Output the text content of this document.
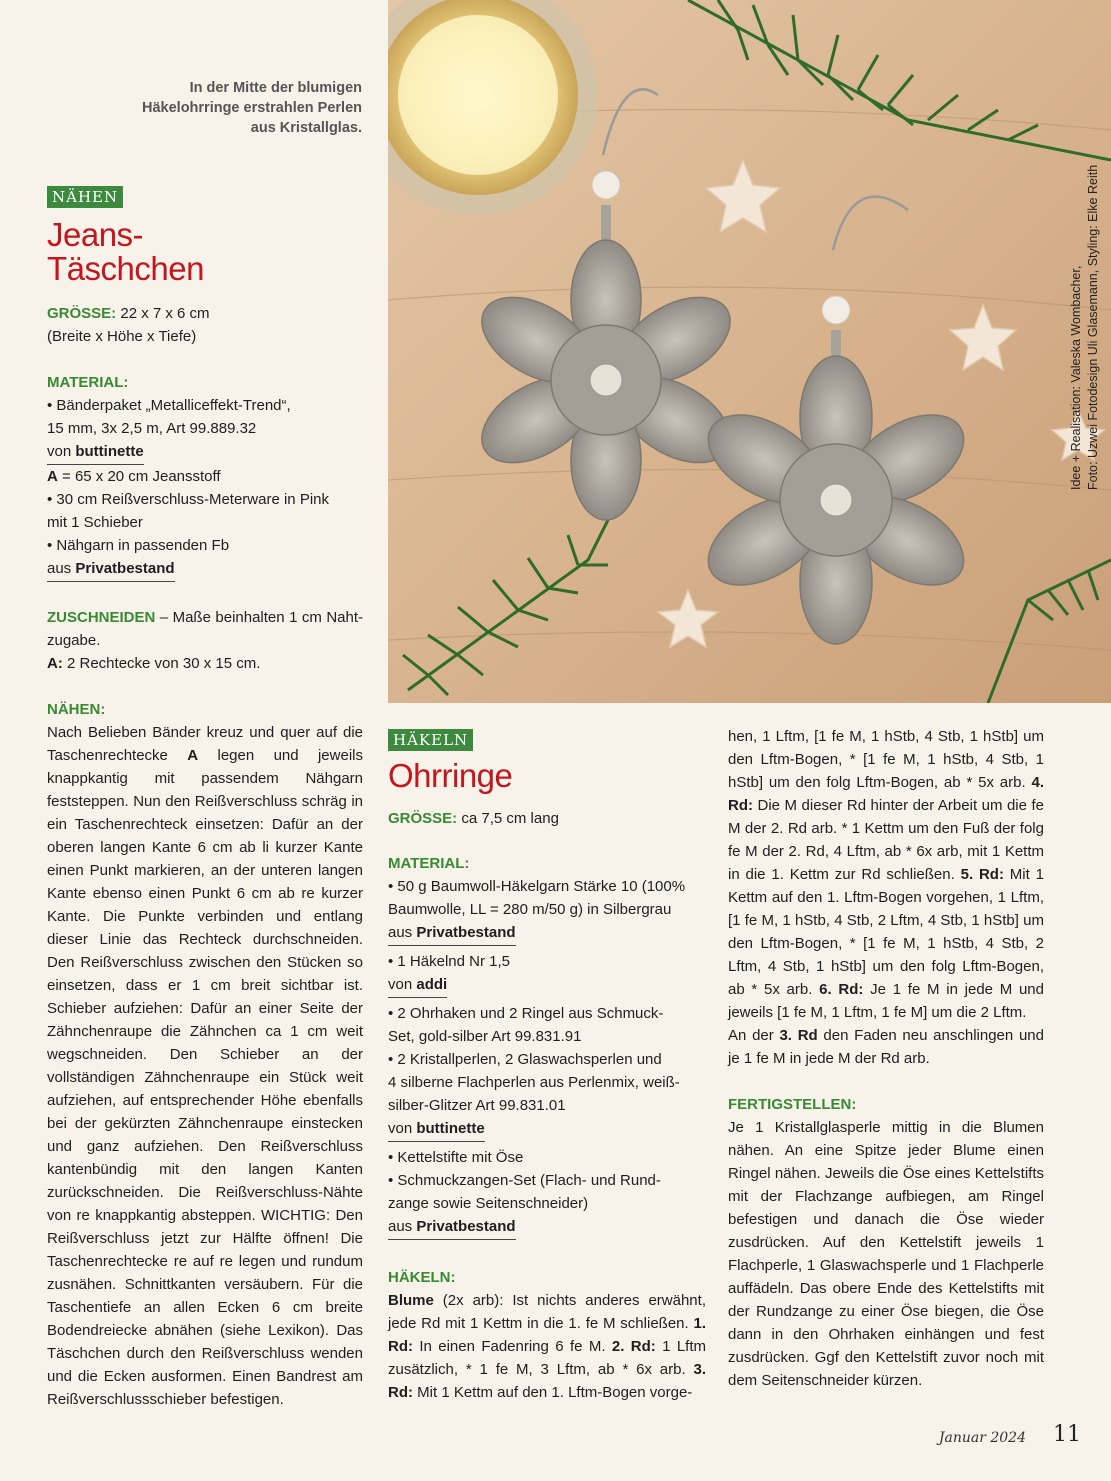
In der Mitte der blumigen
Häkelohrringe erstrahlen Perlen
aus Kristallglas.
NÄHEN
Jeans-
Täschchen
GRÖSSE: 22 x 7 x 6 cm
(Breite x Höhe x Tiefe)
MATERIAL:
• Bänderpaket „Metalliceffekt-Trend“,
15 mm, 3x 2,5 m, Art 99.889.32
von buttinette
A = 65 x 20 cm Jeansstoff
• 30 cm Reißverschluss-Meterware in Pink
mit 1 Schieber
• Nähgarn in passenden Fb
aus Privatbestand
ZUSCHNEIDEN – Maße beinhalten 1 cm Naht-zugabe.
A: 2 Rechtecke von 30 x 15 cm.
NÄHEN:
Nach Belieben Bänder kreuz und quer auf die Taschenrechtecke A legen und jeweils knappkantig mit passendem Nähgarn feststeppen. Nun den Reißverschluss schräg in ein Taschenrechteck einsetzen: Dafür an der oberen langen Kante 6 cm ab li kurzer Kante einen Punkt markieren, an der unteren langen Kante ebenso einen Punkt 6 cm ab re kurzer Kante. Die Punkte verbinden und entlang dieser Linie das Rechteck durchschneiden. Den Reißverschluss zwischen den Stücken so einsetzen, dass er 1 cm breit sichtbar ist. Schieber aufziehen: Dafür an einer Seite der Zähnchenraupe die Zähnchen ca 1 cm weit wegschneiden. Den Schieber an der vollständigen Zähnchenraupe ein Stück weit aufziehen, auf entsprechender Höhe ebenfalls bei der gekürzten Zähnchenraupe einstecken und ganz aufziehen. Den Reißverschluss kantenbündig mit den langen Kanten zurückschneiden. Die Reißverschluss-Nähte von re knappkantig absteppen. WICHTIG: Den Reißverschluss jetzt zur Hälfte öffnen! Die Taschenrechtecke re auf re legen und rundum zusnähen. Schnittkanten versäubern. Für die Taschentiefe an allen Ecken 6 cm breite Bodendreiecke abnähen (siehe Lexikon). Das Täschchen durch den Reißverschluss wenden und die Ecken ausformen. Einen Bandrest am Reißverschlussschieber befestigen.
Idee + Realisation: Valeska Wombacher, Foto: Uzwei Fotodesign Uli Glasemann, Styling: Elke Reith
HÄKELN
Ohrringe
GRÖSSE: ca 7,5 cm lang
MATERIAL:
• 50 g Baumwoll-Häkelgarn Stärke 10 (100%
Baumwolle, LL = 280 m/50 g) in Silbergrau
aus Privatbestand
• 1 Häkelnd Nr 1,5
von addi
• 2 Ohrhaken und 2 Ringel aus Schmuck-
Set, gold-silber Art 99.831.91
• 2 Kristallperlen, 2 Glaswachsperlen und
4 silberne Flachperlen aus Perlenmix, weiß-
silber-Glitzer Art 99.831.01
von buttinette
• Kettelstifte mit Öse
• Schmuckzangen-Set (Flach- und Rund-
zange sowie Seitenschneider)
aus Privatbestand
HÄKELN:
Blume (2x arb): Ist nichts anderes erwähnt, jede Rd mit 1 Kettm in die 1. fe M schließen. 1. Rd: In einen Fadenring 6 fe M. 2. Rd: 1 Lftm zusätzlich, * 1 fe M, 3 Lftm, ab * 6x arb. 3. Rd: Mit 1 Kettm auf den 1. Lftm-Bogen vorge-
hen, 1 Lftm, [1 fe M, 1 hStb, 4 Stb, 1 hStb] um den Lftm-Bogen, * [1 fe M, 1 hStb, 4 Stb, 1 hStb] um den folg Lftm-Bogen, ab * 5x arb. 4. Rd: Die M dieser Rd hinter der Arbeit um die fe M der 2. Rd arb. * 1 Kettm um den Fuß der folg fe M der 2. Rd, 4 Lftm, ab * 6x arb, mit 1 Kettm in die 1. Kettm zur Rd schließen. 5. Rd: Mit 1 Kettm auf den 1. Lftm-Bogen vorgehen, 1 Lftm, [1 fe M, 1 hStb, 4 Stb, 2 Lftm, 4 Stb, 1 hStb] um den Lftm-Bogen, * [1 fe M, 1 hStb, 4 Stb, 2 Lftm, 4 Stb, 1 hStb] um den folg Lftm-Bogen, ab * 5x arb. 6. Rd: Je 1 fe M in jede M und jeweils [1 fe M, 1 Lftm, 1 fe M] um die 2 Lftm.
An der 3. Rd den Faden neu anschlingen und je 1 fe M in jede M der Rd arb.
FERTIGSTELLEN:
Je 1 Kristallglasperle mittig in die Blumen nähen. An eine Spitze jeder Blume einen Ringel nähen. Jeweils die Öse eines Kettelstifts mit der Flachzange aufbiegen, am Ringel befestigen und danach die Öse wieder zusdrücken. Auf den Kettelstift jeweils 1 Flachperle, 1 Glaswachsperle und 1 Flachperle auffädeln. Das obere Ende des Kettelstifts mit der Rundzange zu einer Öse biegen, die Öse dann in den Ohrhaken einhängen und fest zusdrücken. Ggf den Kettelstift zuvor noch mit dem Seitenschneider kürzen.
Januar 2024 11
